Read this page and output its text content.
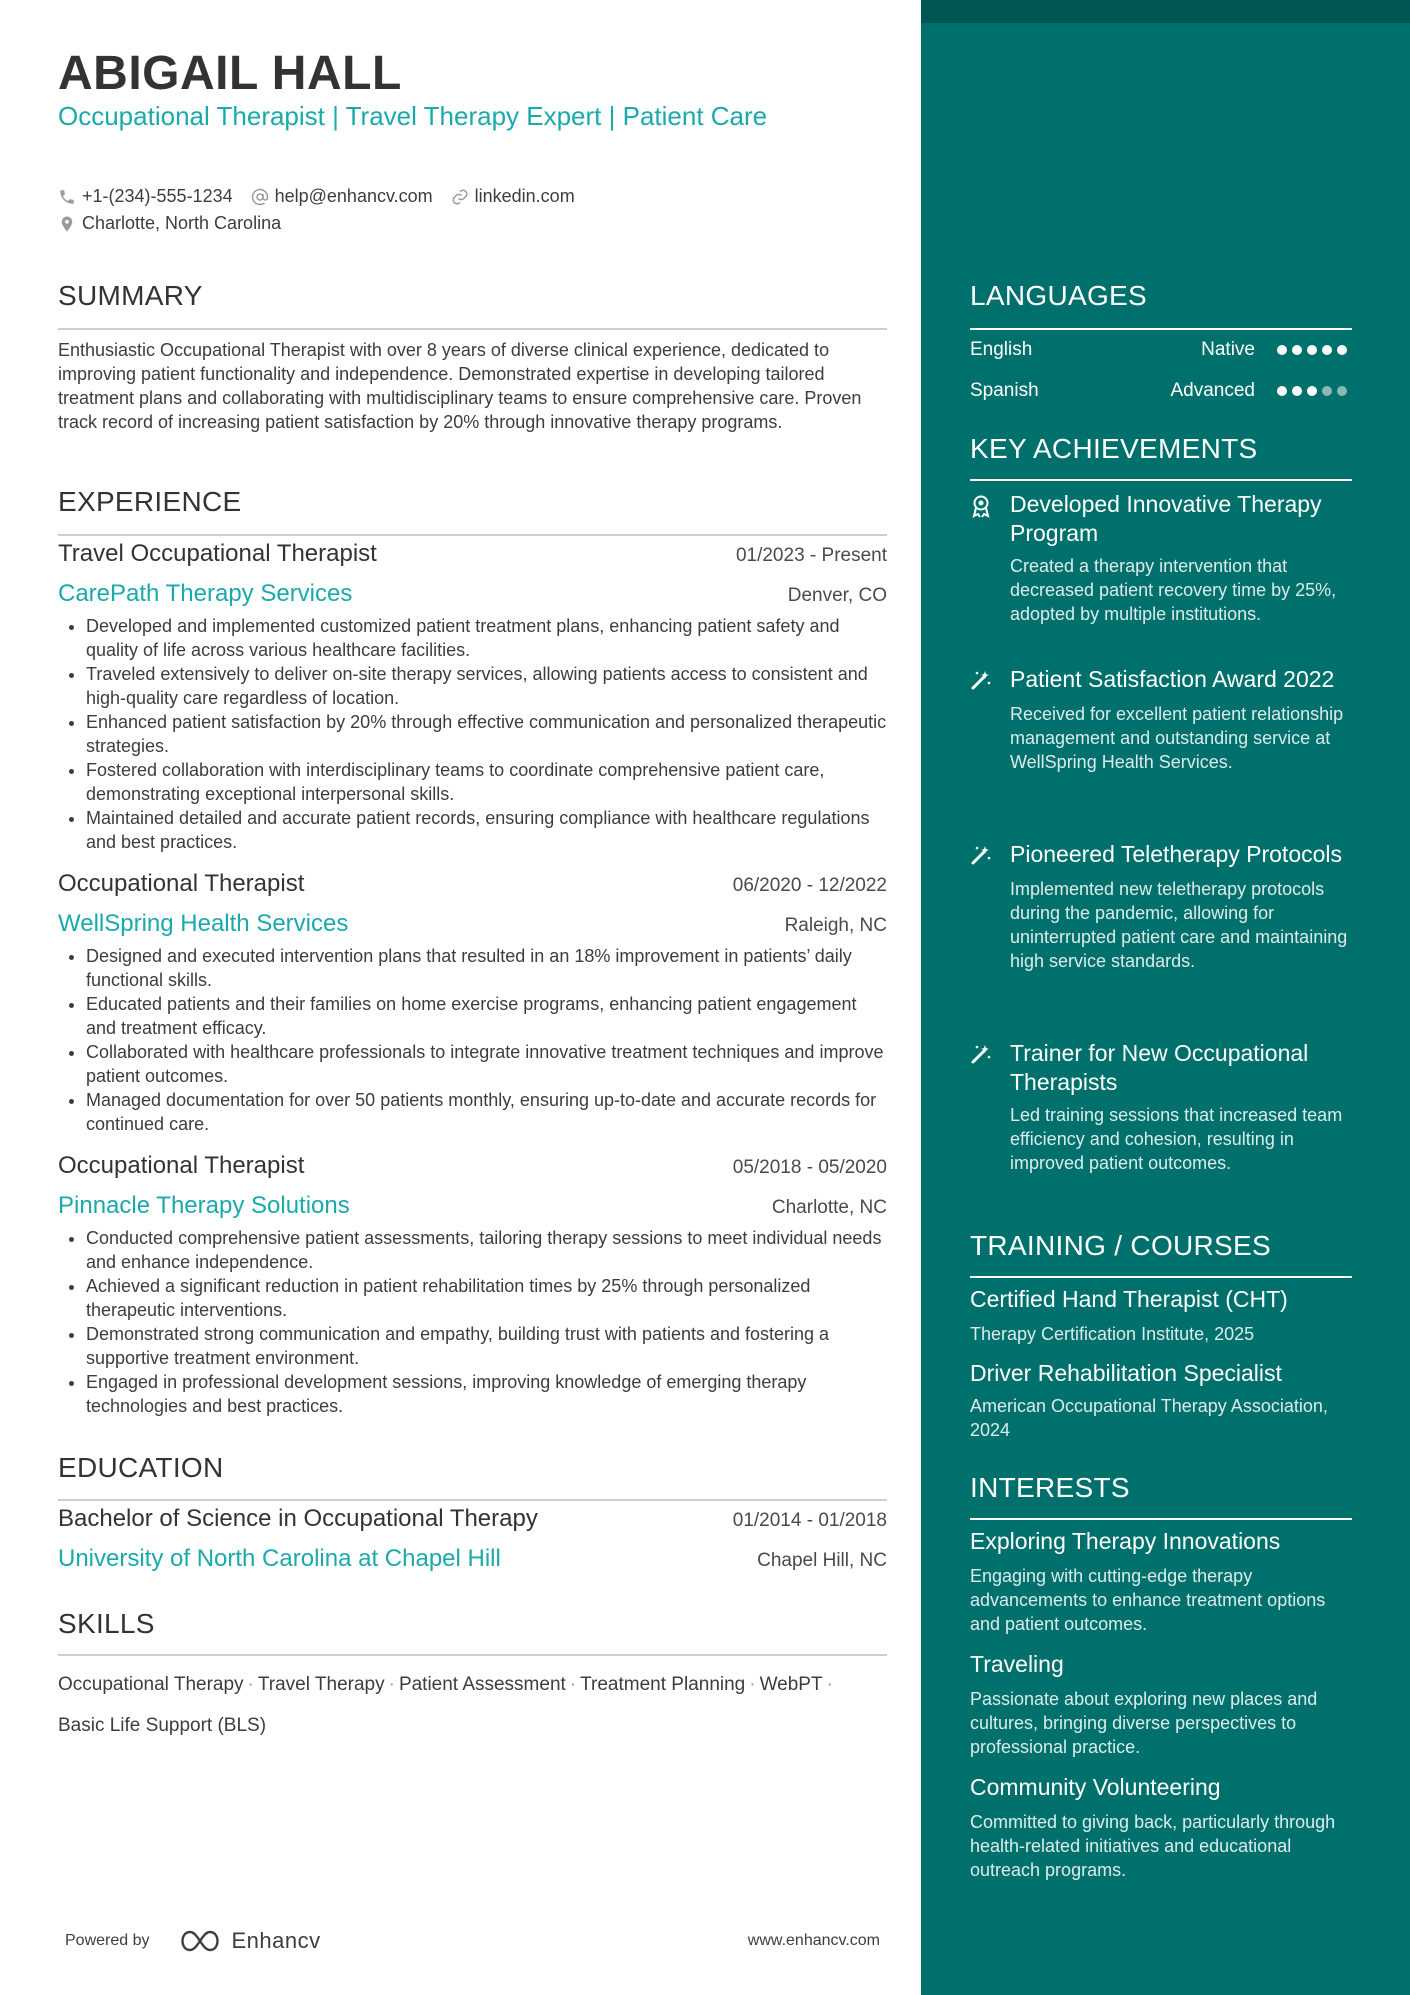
ABIGAIL HALL
Occupational Therapist | Travel Therapy Expert | Patient Care
+1-(234)-555-1234 help@enhancv.com linkedin.com
Charlotte, North Carolina
SUMMARY
Enthusiastic Occupational Therapist with over 8 years of diverse clinical experience, dedicated to improving patient functionality and independence. Demonstrated expertise in developing tailored treatment plans and collaborating with multidisciplinary teams to ensure comprehensive care. Proven track record of increasing patient satisfaction by 20% through innovative therapy programs.
EXPERIENCE
Travel Occupational Therapist	01/2023 - Present
CarePath Therapy Services	Denver, CO
• Developed and implemented customized patient treatment plans, enhancing patient safety and quality of life across various healthcare facilities.
• Traveled extensively to deliver on-site therapy services, allowing patients access to consistent and high-quality care regardless of location.
• Enhanced patient satisfaction by 20% through effective communication and personalized therapeutic strategies.
• Fostered collaboration with interdisciplinary teams to coordinate comprehensive patient care, demonstrating exceptional interpersonal skills.
• Maintained detailed and accurate patient records, ensuring compliance with healthcare regulations and best practices.
Occupational Therapist	06/2020 - 12/2022
WellSpring Health Services	Raleigh, NC
• Designed and executed intervention plans that resulted in an 18% improvement in patients’ daily functional skills.
• Educated patients and their families on home exercise programs, enhancing patient engagement and treatment efficacy.
• Collaborated with healthcare professionals to integrate innovative treatment techniques and improve patient outcomes.
• Managed documentation for over 50 patients monthly, ensuring up-to-date and accurate records for continued care.
Occupational Therapist	05/2018 - 05/2020
Pinnacle Therapy Solutions	Charlotte, NC
• Conducted comprehensive patient assessments, tailoring therapy sessions to meet individual needs and enhance independence.
• Achieved a significant reduction in patient rehabilitation times by 25% through personalized therapeutic interventions.
• Demonstrated strong communication and empathy, building trust with patients and fostering a supportive treatment environment.
• Engaged in professional development sessions, improving knowledge of emerging therapy technologies and best practices.
EDUCATION
Bachelor of Science in Occupational Therapy	01/2014 - 01/2018
University of North Carolina at Chapel Hill	Chapel Hill, NC
SKILLS
Occupational Therapy · Travel Therapy · Patient Assessment · Treatment Planning · WebPT ·
Basic Life Support (BLS)
Powered by	Enhancv	www.enhancv.com
LANGUAGES
English	Native
Spanish	Advanced
KEY ACHIEVEMENTS
Developed Innovative Therapy Program
Created a therapy intervention that decreased patient recovery time by 25%, adopted by multiple institutions.
Patient Satisfaction Award 2022
Received for excellent patient relationship management and outstanding service at WellSpring Health Services.
Pioneered Teletherapy Protocols
Implemented new teletherapy protocols during the pandemic, allowing for uninterrupted patient care and maintaining high service standards.
Trainer for New Occupational Therapists
Led training sessions that increased team efficiency and cohesion, resulting in improved patient outcomes.
TRAINING / COURSES
Certified Hand Therapist (CHT)
Therapy Certification Institute, 2025
Driver Rehabilitation Specialist
American Occupational Therapy Association, 2024
INTERESTS
Exploring Therapy Innovations
Engaging with cutting-edge therapy advancements to enhance treatment options and patient outcomes.
Traveling
Passionate about exploring new places and cultures, bringing diverse perspectives to professional practice.
Community Volunteering
Committed to giving back, particularly through health-related initiatives and educational outreach programs.
